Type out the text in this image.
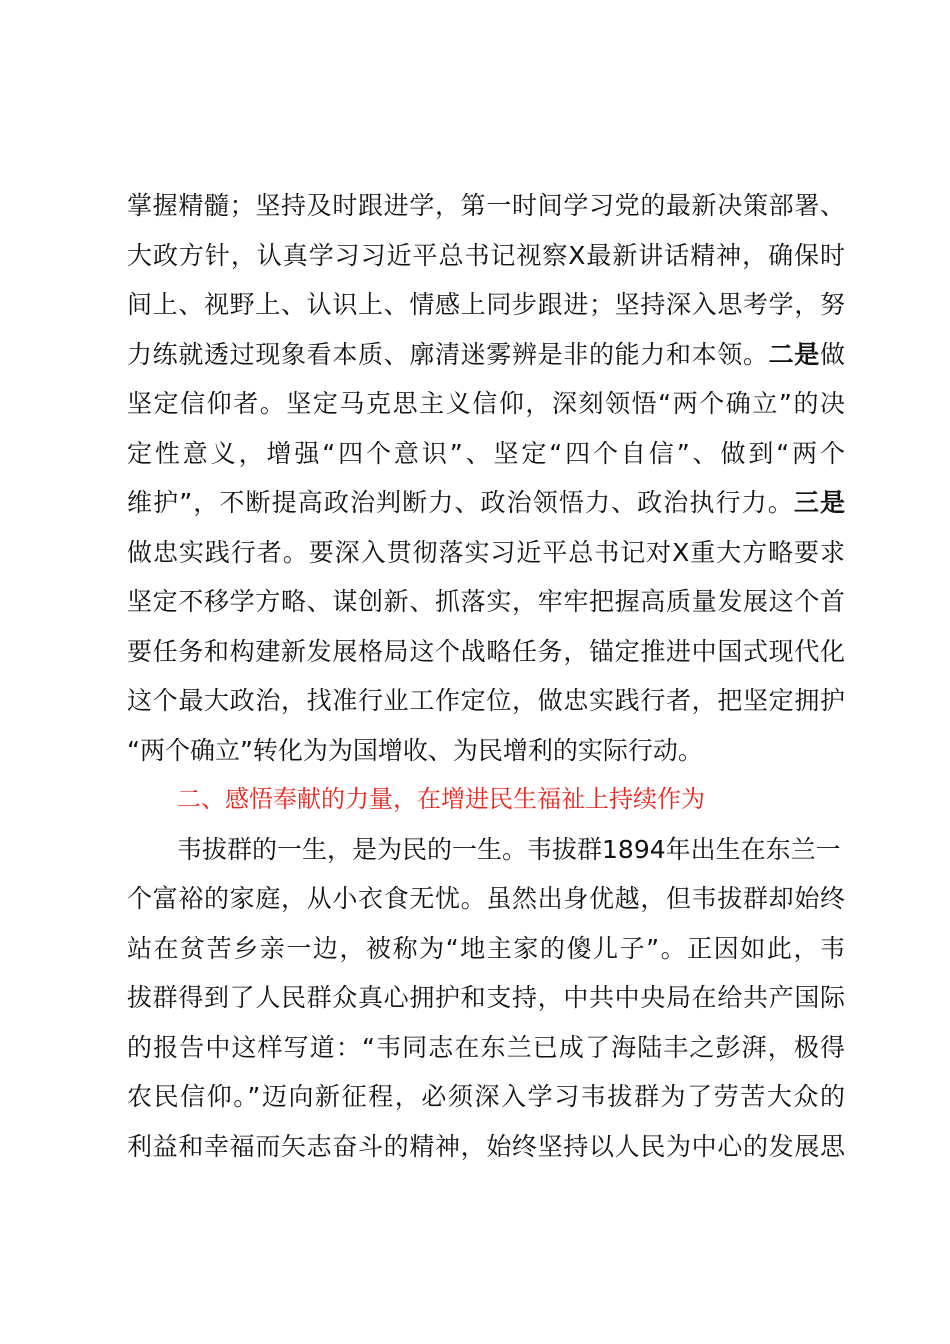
掌握精髓；坚持及时跟进学，第一时间学习党的最新决策部署、
大政方针，认真学习习近平总书记视察X最新讲话精神，确保时
间上、视野上、认识上、情感上同步跟进；坚持深入思考学，努
力练就透过现象看本质、廓清迷雾辨是非的能力和本领。二是做
坚定信仰者。坚定马克思主义信仰，深刻领悟“两个确立”的决
定性意义，增强“四个意识”、坚定“四个自信”、做到“两个
维护”，不断提高政治判断力、政治领悟力、政治执行力。三是
做忠实践行者。要深入贯彻落实习近平总书记对X重大方略要求
坚定不移学方略、谋创新、抓落实，牢牢把握高质量发展这个首
要任务和构建新发展格局这个战略任务，锚定推进中国式现代化
这个最大政治，找准行业工作定位，做忠实践行者，把坚定拥护
“两个确立”转化为为国增收、为民增利的实际行动。
二、感悟奉献的力量，在增进民生福祉上持续作为
韦拔群的一生，是为民的一生。韦拔群1894年出生在东兰一
个富裕的家庭，从小衣食无忧。虽然出身优越，但韦拔群却始终
站在贫苦乡亲一边，被称为“地主家的傻儿子”。正因如此，韦
拔群得到了人民群众真心拥护和支持，中共中央局在给共产国际
的报告中这样写道：“韦同志在东兰已成了海陆丰之彭湃，极得
农民信仰。”迈向新征程，必须深入学习韦拔群为了劳苦大众的
利益和幸福而矢志奋斗的精神，始终坚持以人民为中心的发展思
